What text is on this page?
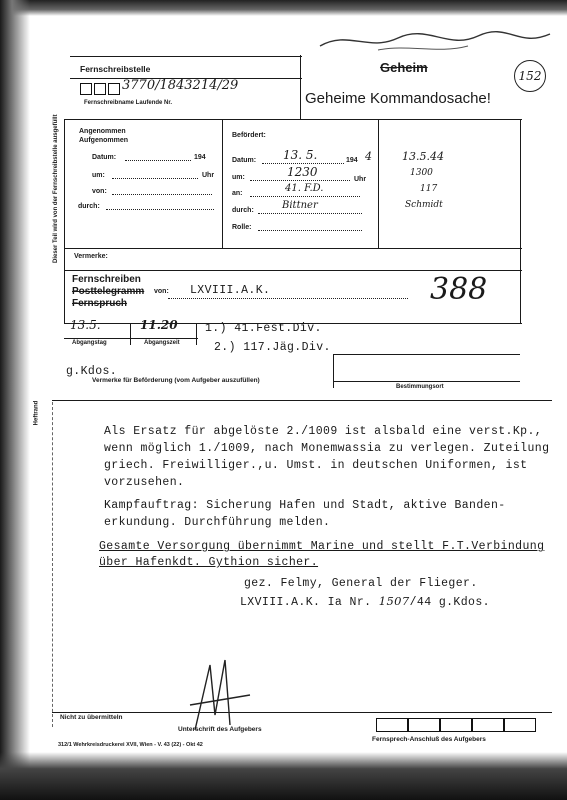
152
Fernschreibstelle
3770/1843214/29
Fernschreibname Laufende Nr.
Geheim
Geheime Kommandosache!
Dieser Teil wird von der Fernschreibstelle ausgefüllt	Angenommen
Aufgenommen
Datum:	194
um:	Uhr
von:
durch:
Befördert:
Datum: 13. 5.	194 4
um:	1230
Uhr
an:	41. F.D.
durch:	Bittner
Rolle:
13.5.44
1300
117
Schmidt
Vermerke:
Fernschreiben
Posttelegramm
Fernspruch
von: LXVIII.A.K.	388
13.5.	11.20
Abgangstag	Abgangszeit
1.) 41.Fest.Div.
2.) 117.Jäg.Div.
g.Kdos.
Vermerke für Beförderung (vom Aufgeber auszufüllen)
Bestimmungsort
Heftrand
Als Ersatz für abgelöste 2./1009 ist alsbald eine verst.Kp.,
wenn möglich 1./1009, nach Monemwassia zu verlegen. Zuteilung
griech. Freiwilliger.,u. Umst. in deutschen Uniformen, ist
vorzusehen.
Kampfauftrag: Sicherung Hafen und Stadt, aktive Banden-
erkundung. Durchführung melden.
Gesamte Versorgung übernimmt Marine und stellt F.T.Verbindung
über Hafenkdt. Gythion sicher.
gez. Felmy, General der Flieger.
LXVIII.A.K. Ia Nr. 1507/44 g.Kdos.
Nicht zu übermitteln
Unterschrift des Aufgebers
Fernsprech-Anschluß des Aufgebers
312/1 Wehrkreisdruckerei XVII, Wien - V. 43 (22) - Okt 42
